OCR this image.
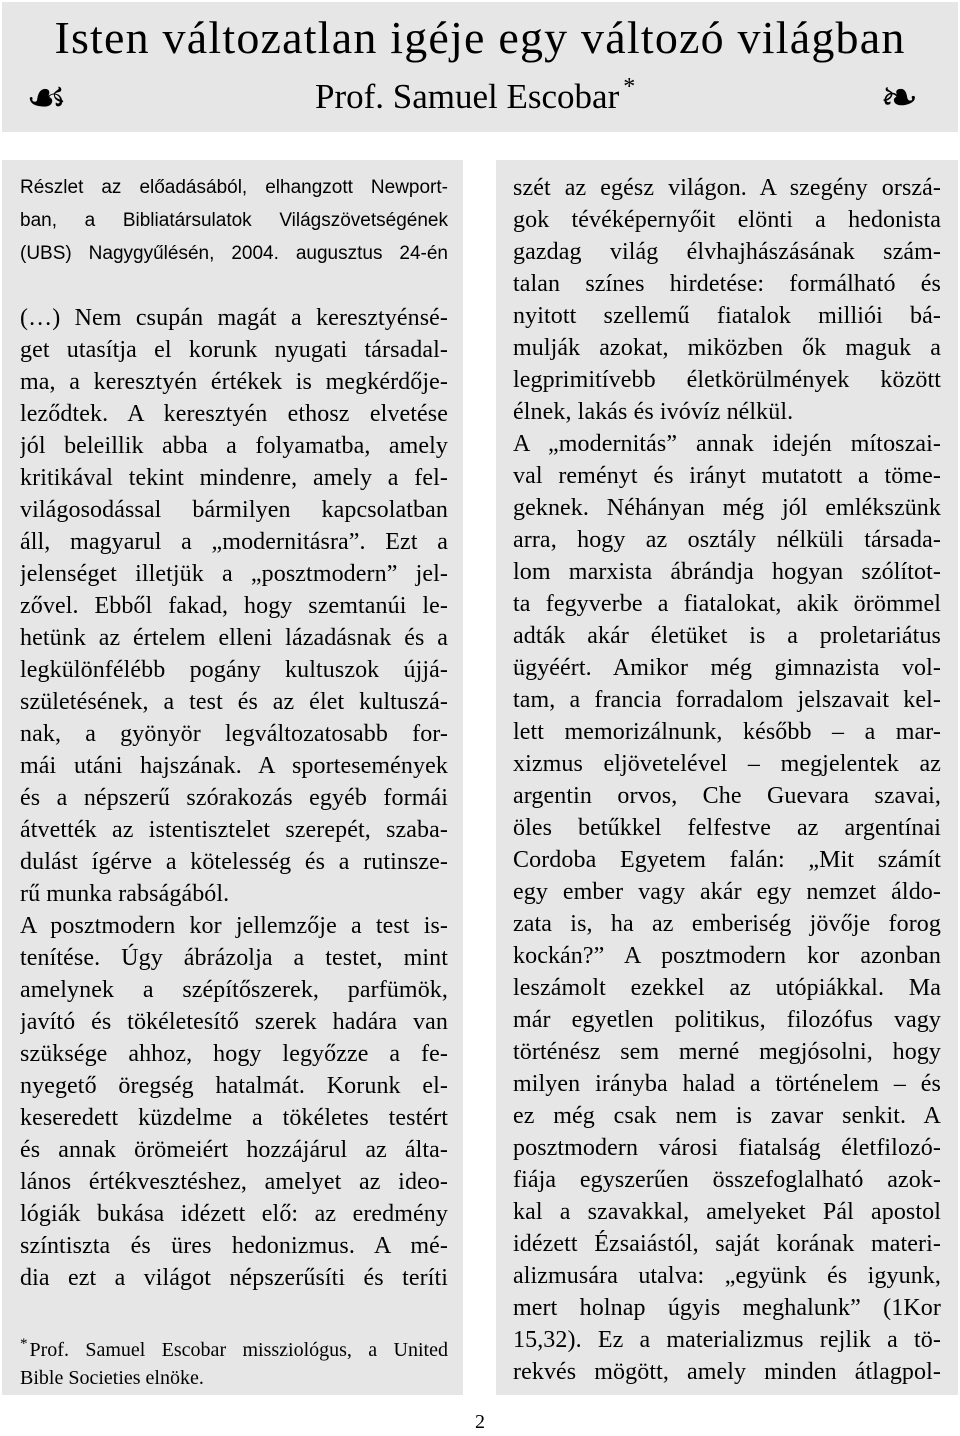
Isten változatlan igéje egy változó világban
☙
Prof. Samuel Escobar *
❧
Részlet az előadásából, elhangzott Newport-
ban, a Bibliatársulatok Világszövetségének
(UBS) Nagygyűlésén, 2004. augusztus 24-én
(…) Nem csupán magát a keresztyénsé-
get utasítja el korunk nyugati társadal-
ma, a keresztyén értékek is megkérdője-
leződtek. A keresztyén ethosz elvetése
jól beleillik abba a folyamatba, amely
kritikával tekint mindenre, amely a fel-
világosodással bármilyen kapcsolatban
áll, magyarul a „modernitásra”. Ezt a
jelenséget illetjük a „posztmodern” jel-
zővel. Ebből fakad, hogy szemtanúi le-
hetünk az értelem elleni lázadásnak és a
legkülönfélébb pogány kultuszok újjá-
születésének, a test és az élet kultuszá-
nak, a gyönyör legváltozatosabb for-
mái utáni hajszának. A sportesemények
és a népszerű szórakozás egyéb formái
átvették az istentisztelet szerepét, szaba-
dulást ígérve a kötelesség és a rutinsze-
rű munka rabságából.
A posztmodern kor jellemzője a test is-
tenítése. Úgy ábrázolja a testet, mint
amelynek a szépítőszerek, parfümök,
javító és tökéletesítő szerek hadára van
szüksége ahhoz, hogy legyőzze a fe-
nyegető öregség hatalmát. Korunk el-
keseredett küzdelme a tökéletes testért
és annak örömeiért hozzájárul az álta-
lános értékvesztéshez, amelyet az ideo-
lógiák bukása idézett elő: az eredmény
színtiszta és üres hedonizmus. A mé-
dia ezt a világot népszerűsíti és teríti
szét az egész világon. A szegény orszá-
gok tévéképernyőit elönti a hedonista
gazdag világ élvhajhászásának szám-
talan színes hirdetése: formálható és
nyitott szellemű fiatalok milliói bá-
mulják azokat, miközben ők maguk a
legprimitívebb életkörülmények között
élnek, lakás és ivóvíz nélkül.
A „modernitás” annak idején mítoszai-
val reményt és irányt mutatott a töme-
geknek. Néhányan még jól emlékszünk
arra, hogy az osztály nélküli társada-
lom marxista ábrándja hogyan szólítot-
ta fegyverbe a fiatalokat, akik örömmel
adták akár életüket is a proletariátus
ügyéért. Amikor még gimnazista vol-
tam, a francia forradalom jelszavait kel-
lett memorizálnunk, később – a mar-
xizmus eljövetelével – megjelentek az
argentin orvos, Che Guevara szavai,
öles betűkkel felfestve az argentínai
Cordoba Egyetem falán: „Mit számít
egy ember vagy akár egy nemzet áldo-
zata is, ha az emberiség jövője forog
kockán?” A posztmodern kor azonban
leszámolt ezekkel az utópiákkal. Ma
már egyetlen politikus, filozófus vagy
történész sem merné megjósolni, hogy
milyen irányba halad a történelem – és
ez még csak nem is zavar senkit. A
posztmodern városi fiatalság életfilozó-
fiája egyszerűen összefoglalható azok-
kal a szavakkal, amelyeket Pál apostol
idézett Ézsaiástól, saját korának materi-
alizmusára utalva: „együnk és igyunk,
mert holnap úgyis meghalunk” (1Kor
15,32). Ez a materializmus rejlik a tö-
rekvés mögött, amely minden átlagpol-
* Prof. Samuel Escobar missziológus, a United
Bible Societies elnöke.
2
